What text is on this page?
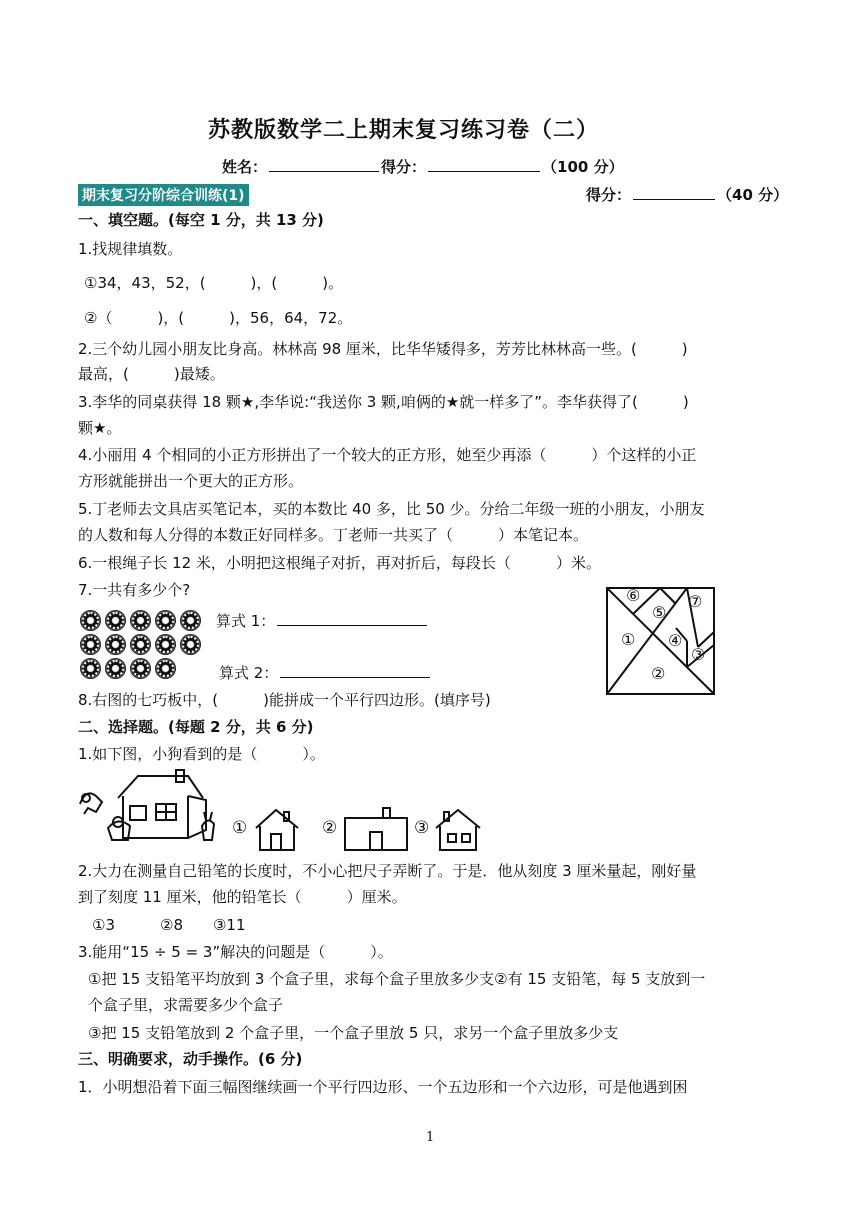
苏教版数学二上期末复习练习卷（二）
姓名：	得分：	（100 分）
期末复习分阶综合训练(1)	得分：	（40 分）
一、填空题。(每空 1 分，共 13 分)
1.找规律填数。
①34，43，52，(　　　)，(　　　)。
②（　　　)，(　　　)，56，64，72。
2.三个幼儿园小朋友比身高。林林高 98 厘米，比华华矮得多，芳芳比林林高一些。(　　　)
最高，(　　　)最矮。
3.李华的同桌获得 18 颗★,李华说:“我送你 3 颗,咱俩的★就一样多了”。李华获得了(　　　)
颗★。
4.小丽用 4 个相同的小正方形拼出了一个较大的正方形，她至少再添（　　　）个这样的小正
方形就能拼出一个更大的正方形。
5.丁老师去文具店买笔记本，买的本数比 40 多，比 50 少。分给二年级一班的小朋友，小朋友
的人数和每人分得的本数正好同样多。丁老师一共买了（　　　）本笔记本。
6.一根绳子长 12 米，小明把这根绳子对折，再对折后，每段长（　　　）米。
7.一共有多少个?
算式 1：
算式 2：
⑥
⑤
⑦
① ④
③
②
8.右图的七巧板中，(　　　)能拼成一个平行四边形。(填序号)
二、选择题。(每题 2 分，共 6 分)
1.如下图，小狗看到的是（　　　）。
①	②	③
2.大力在测量自己铅笔的长度时，不小心把尺子弄断了。于是．他从刻度 3 厘米量起，刚好量
到了刻度 11 厘米，他的铅笔长（　　　）厘米。
①3　　　②8　　③11
3.能用“15 ÷ 5 = 3”解决的问题是（　　　）。
①把 15 支铅笔平均放到 3 个盒子里，求每个盒子里放多少支②有 15 支铅笔，每 5 支放到一
个盒子里，求需要多少个盒子
③把 15 支铅笔放到 2 个盒子里，一个盒子里放 5 只，求另一个盒子里放多少支
三、明确要求，动手操作。(6 分)
1．小明想沿着下面三幅图继续画一个平行四边形、一个五边形和一个六边形，可是他遇到困
1
